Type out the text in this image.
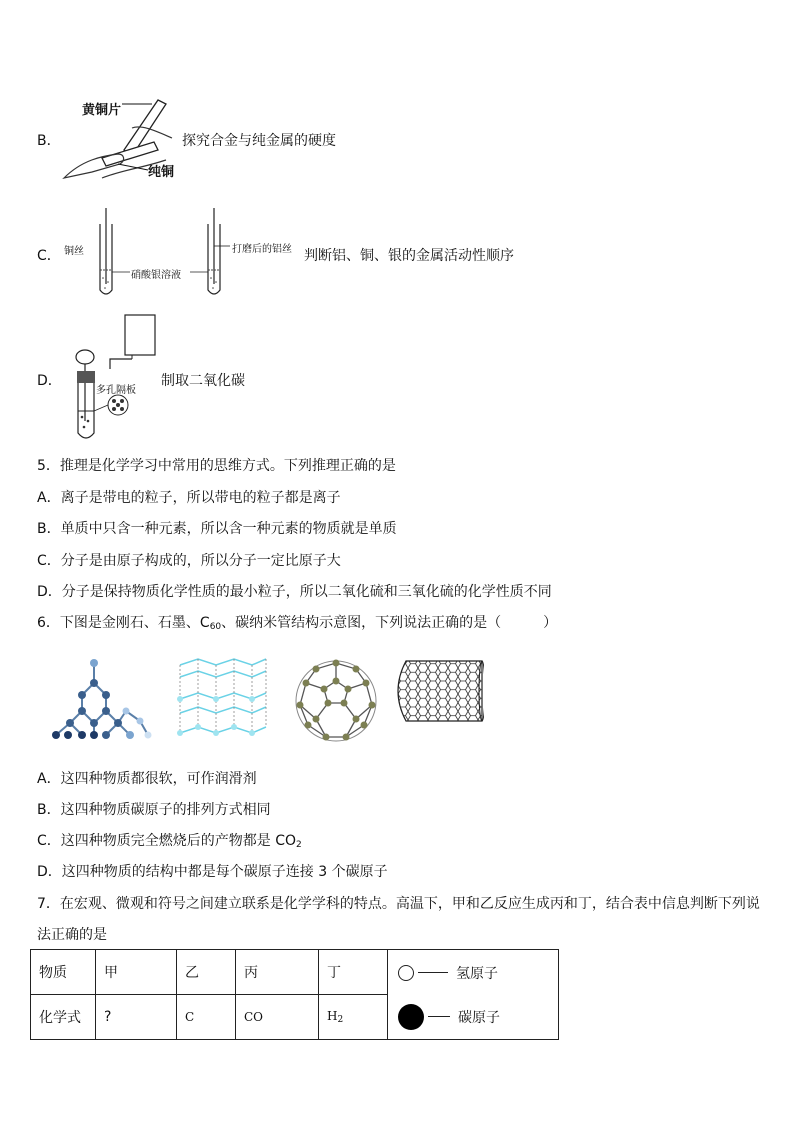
B．
黄铜片
纯铜
探究合金与纯金属的硬度
C． 铜丝	打磨后的铝丝
硝酸银溶液
判断铝、铜、银的金属活动性顺序
D．
多孔隔板
制取二氧化碳
5．推理是化学学习中常用的思维方式。下列推理正确的是
A．离子是带电的粒子，所以带电的粒子都是离子
B．单质中只含一种元素，所以含一种元素的物质就是单质
C．分子是由原子构成的，所以分子一定比原子大
D．分子是保持物质化学性质的最小粒子，所以二氧化硫和三氧化硫的化学性质不同
6．下图是金刚石、石墨、$C_{60}$、碳纳米管结构示意图，下列说法正确的是（　　　）
A．这四种物质都很软，可作润滑剂
B．这四种物质碳原子的排列方式相同
C．这四种物质完全燃烧后的产物都是 $CO_2$
D．这四种物质的结构中都是每个碳原子连接 3 个碳原子
7．在宏观、微观和符号之间建立联系是化学学科的特点。高温下，甲和乙反应生成丙和丁，结合表中信息判断下列说
法正确的是
物质	甲	乙	丙	丁	氢原子
碳原子

化学式	?	C	CO	$H_2$
